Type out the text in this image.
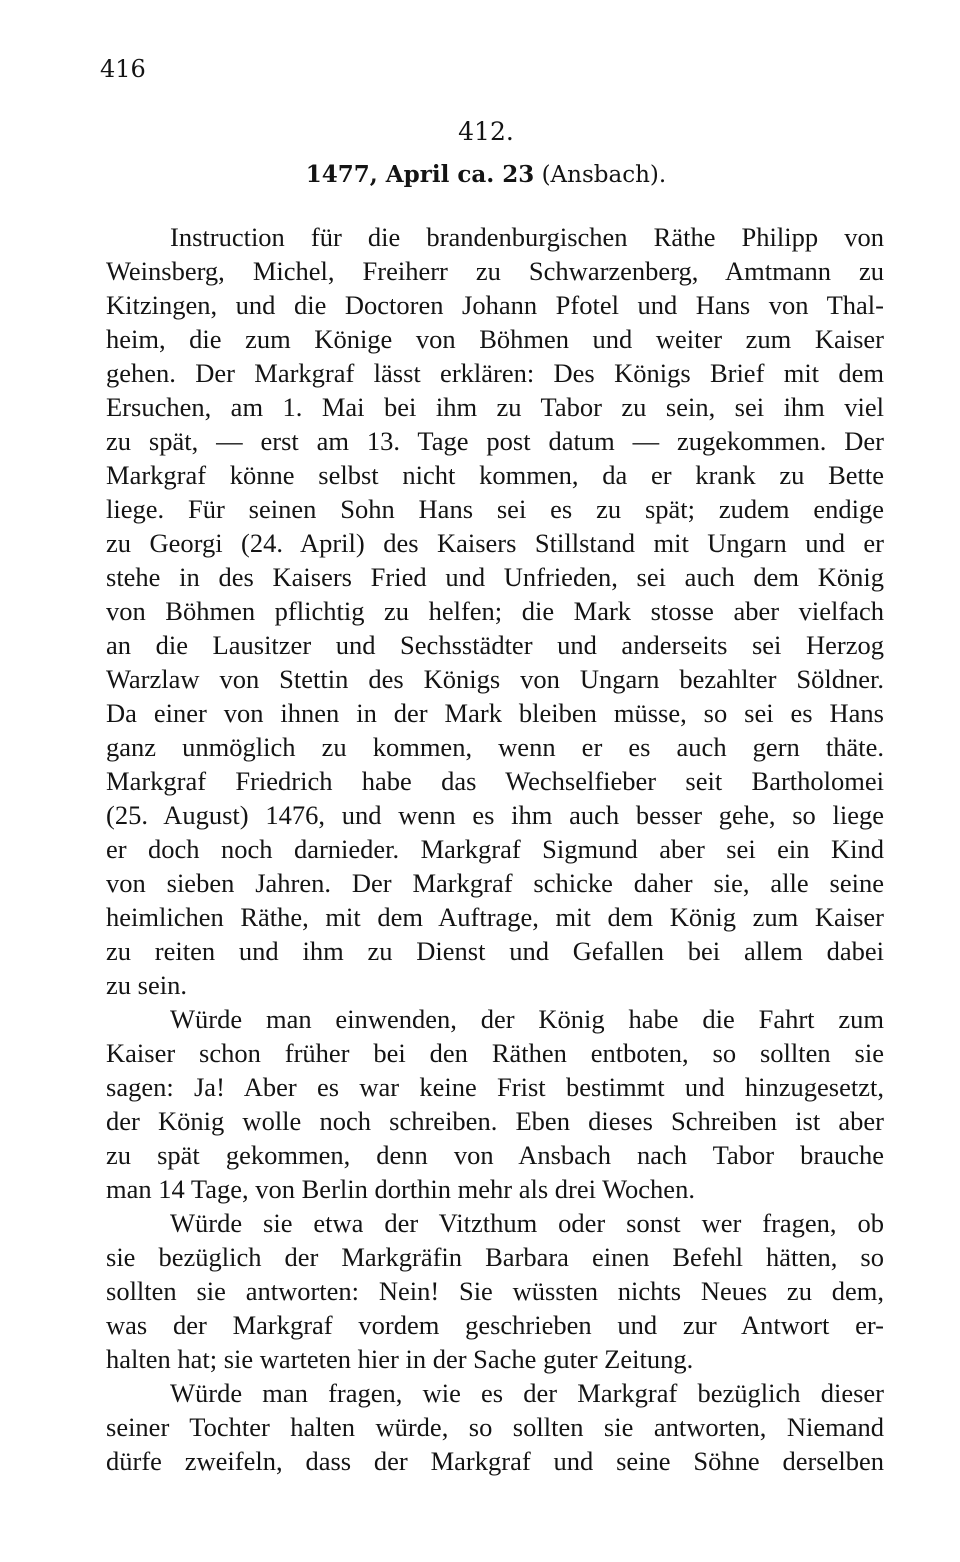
416
412.
1477, April ca. 23 (Ansbach).
Instruction für die brandenburgischen Räthe Philipp von
Weinsberg, Michel, Freiherr zu Schwarzenberg, Amtmann zu
Kitzingen, und die Doctoren Johann Pfotel und Hans von Thal-
heim, die zum Könige von Böhmen und weiter zum Kaiser
gehen. Der Markgraf lässt erklären: Des Königs Brief mit dem
Ersuchen, am 1. Mai bei ihm zu Tabor zu sein, sei ihm viel
zu spät, — erst am 13. Tage post datum — zugekommen. Der
Markgraf könne selbst nicht kommen, da er krank zu Bette
liege. Für seinen Sohn Hans sei es zu spät; zudem endige
zu Georgi (24. April) des Kaisers Stillstand mit Ungarn und er
stehe in des Kaisers Fried und Unfrieden, sei auch dem König
von Böhmen pflichtig zu helfen; die Mark stosse aber vielfach
an die Lausitzer und Sechsstädter und anderseits sei Herzog
Warzlaw von Stettin des Königs von Ungarn bezahlter Söldner.
Da einer von ihnen in der Mark bleiben müsse, so sei es Hans
ganz unmöglich zu kommen, wenn er es auch gern thäte.
Markgraf Friedrich habe das Wechselfieber seit Bartholomei
(25. August) 1476, und wenn es ihm auch besser gehe, so liege
er doch noch darnieder. Markgraf Sigmund aber sei ein Kind
von sieben Jahren. Der Markgraf schicke daher sie, alle seine
heimlichen Räthe, mit dem Auftrage, mit dem König zum Kaiser
zu reiten und ihm zu Dienst und Gefallen bei allem dabei
zu sein.
Würde man einwenden, der König habe die Fahrt zum
Kaiser schon früher bei den Räthen entboten, so sollten sie
sagen: Ja! Aber es war keine Frist bestimmt und hinzugesetzt,
der König wolle noch schreiben. Eben dieses Schreiben ist aber
zu spät gekommen, denn von Ansbach nach Tabor brauche
man 14 Tage, von Berlin dorthin mehr als drei Wochen.
Würde sie etwa der Vitzthum oder sonst wer fragen, ob
sie bezüglich der Markgräfin Barbara einen Befehl hätten, so
sollten sie antworten: Nein! Sie wüssten nichts Neues zu dem,
was der Markgraf vordem geschrieben und zur Antwort er-
halten hat; sie warteten hier in der Sache guter Zeitung.
Würde man fragen, wie es der Markgraf bezüglich dieser
seiner Tochter halten würde, so sollten sie antworten, Niemand
dürfe zweifeln, dass der Markgraf und seine Söhne derselben
